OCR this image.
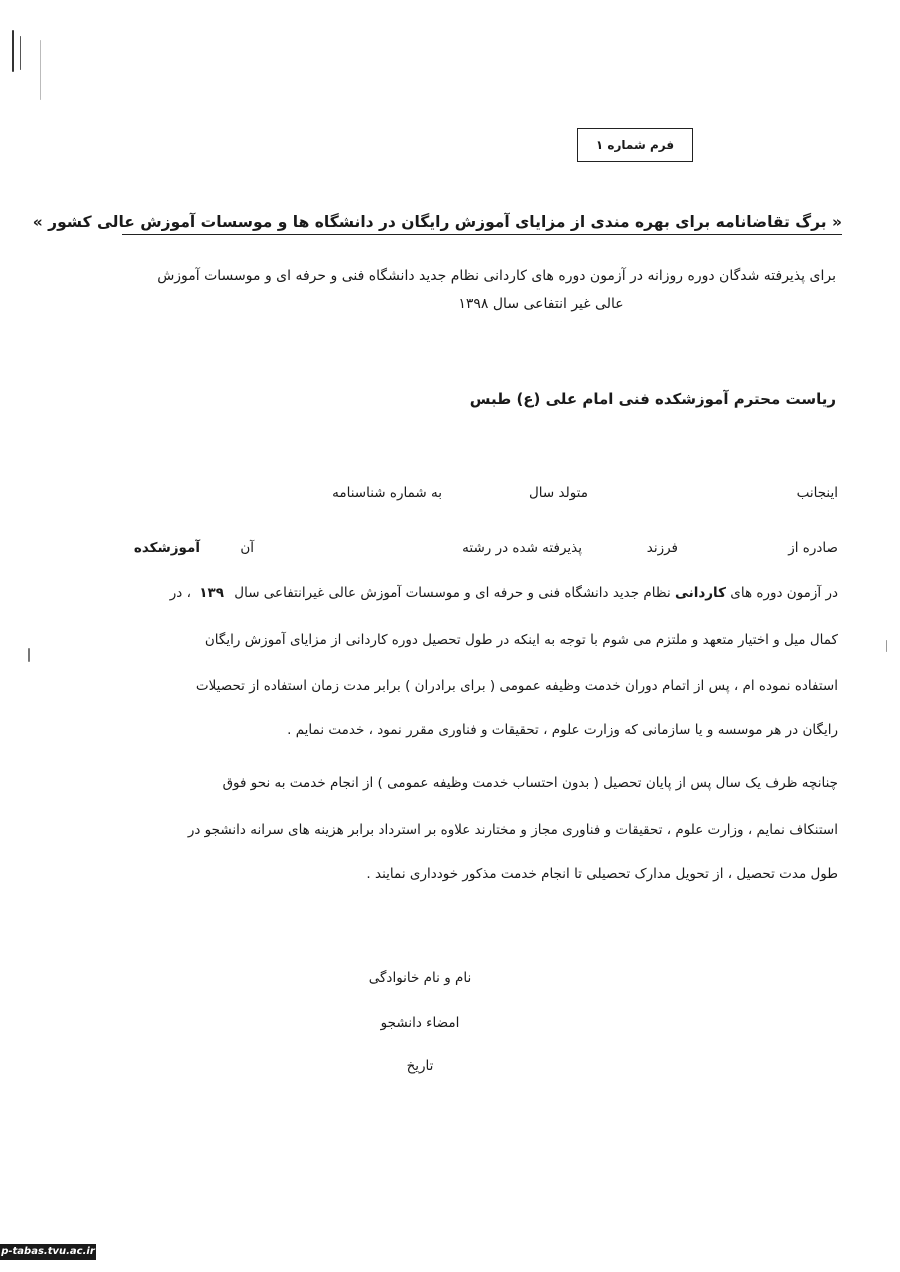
فرم شماره ۱
« برگ تقاضانامه برای بهره مندی از مزایای آموزش رایگان در دانشگاه ها و موسسات آموزش عالی کشور »
برای پذیرفته شدگان دوره روزانه در آزمون دوره های کاردانی نظام جدید دانشگاه فنی و حرفه ای و موسسات آموزش
عالی غیر انتفاعی سال ۱۳۹۸
ریاست محترم آموزشکده فنی امام علی (ع) طبس
اینجانب
متولد سال
به شماره شناسنامه
صادره از
فرزند
پذیرفته شده در رشته
آن
آموزشکده
در آزمون دوره های کاردانی نظام جدید دانشگاه فنی و حرفه ای و موسسات آموزش عالی غیرانتفاعی سال ۱۳۹ ، در
کمال میل و اختیار متعهد و ملتزم می شوم با توجه به اینکه در طول تحصیل دوره کاردانی از مزایای آموزش رایگان
استفاده نموده ام ، پس از اتمام دوران خدمت وظیفه عمومی ( برای برادران ) برابر مدت زمان استفاده از تحصیلات
رایگان در هر موسسه و یا سازمانی که وزارت علوم ، تحقیقات و فناوری مقرر نمود ، خدمت نمایم .
چنانچه ظرف یک سال پس از پایان تحصیل ( بدون احتساب خدمت وظیفه عمومی ) از انجام خدمت به نحو فوق
استنکاف نمایم ، وزارت علوم ، تحقیقات و فناوری مجاز و مختارند علاوه بر استرداد برابر هزینه های سرانه دانشجو در
طول مدت تحصیل ، از تحویل مدارک تحصیلی تا انجام خدمت مذکور خودداری نمایند .
نام و نام خانوادگی
امضاء دانشجو
تاریخ
p-tabas.tvu.ac.ir
